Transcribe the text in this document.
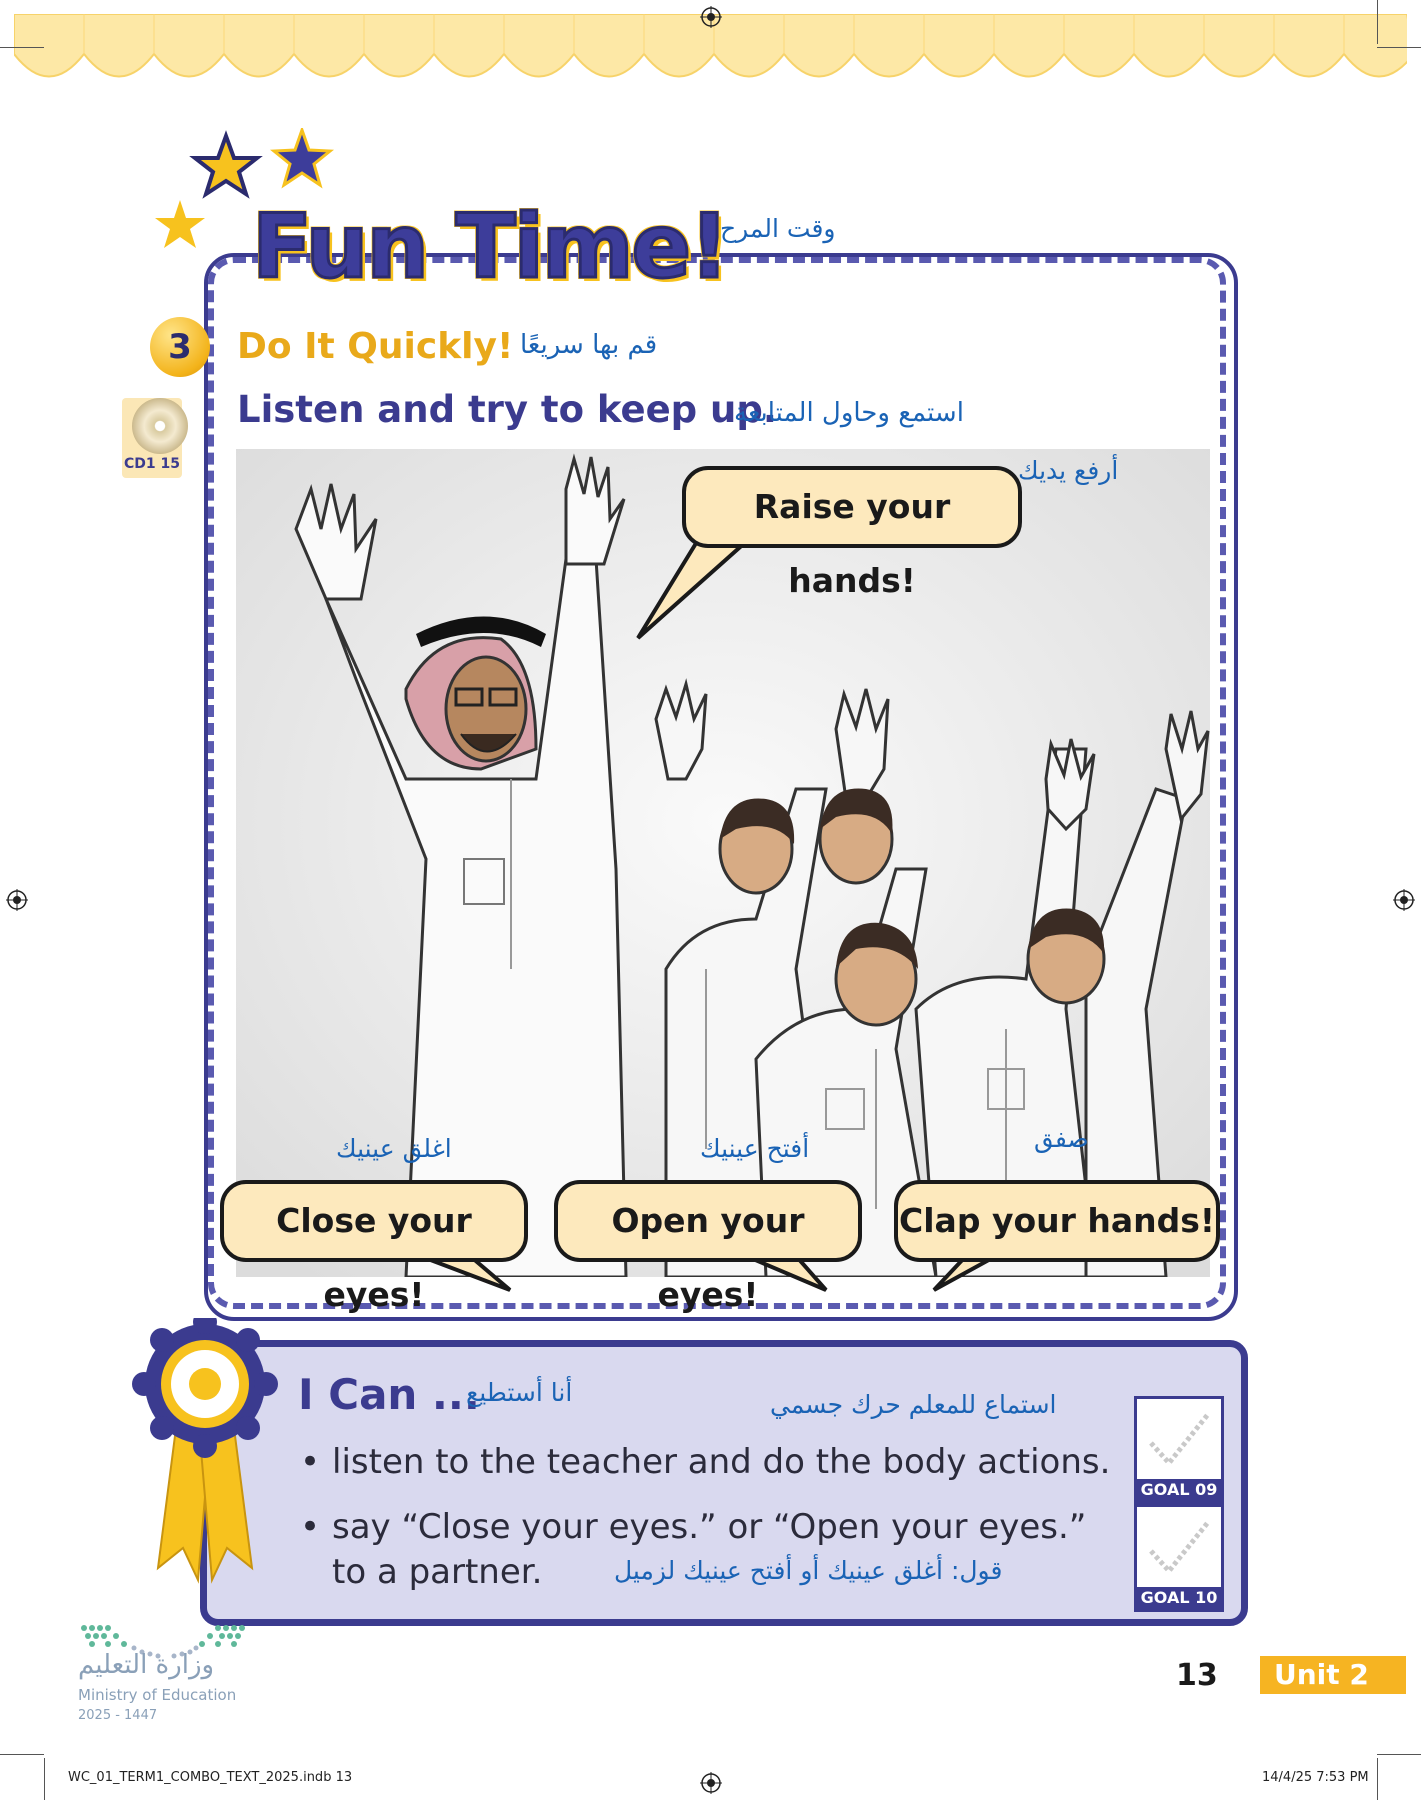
Fun Time!
وقت المرح
3	Do It Quickly! قم بها سريعًا
Listen and try to keep up.
استمع وحاول المتابعة
CD1 15
Raise your hands!
أرفع يديك
Close your eyes!
اغلق عينيك
Open your eyes!
أفتح عينيك
Clap your hands!
صفق
I Can ...
أنا أستطيع	استماع للمعلم حرك جسمي
• listen to the teacher and do the body actions.
• say “Close your eyes.” or “Open your eyes.”
to a partner.	قول: أغلق عينيك أو أفتح عينيك لزميل
GOAL 09
GOAL 10
وزارة التعليم
Ministry of Education
2025 - 1447
13	Unit 2
WC_01_TERM1_COMBO_TEXT_2025.indb 13	14/4/25 7:53 PM
